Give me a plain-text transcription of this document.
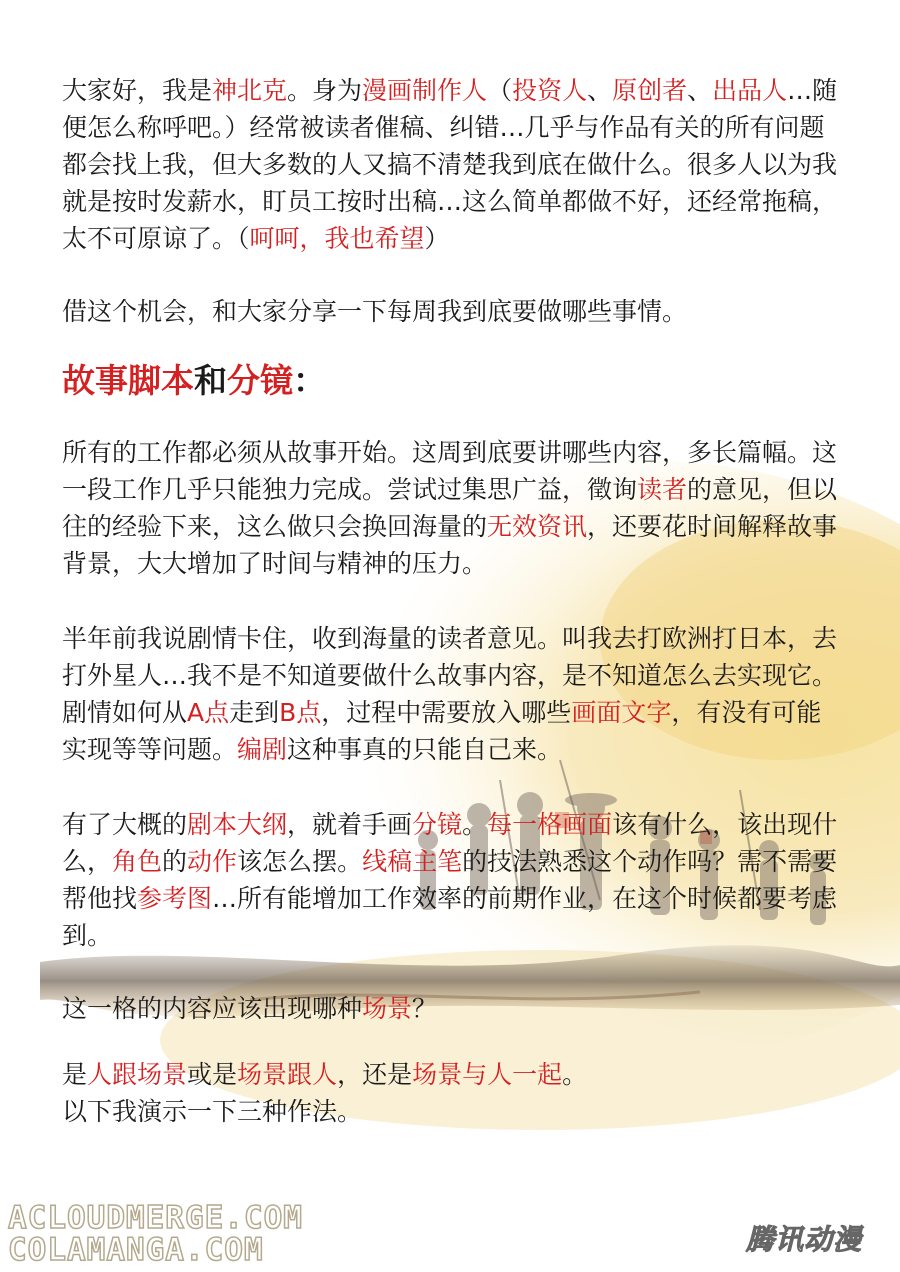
大家好，我是神北克。身为漫画制作人（投资人、原创者、出品人…随便怎么称呼吧。）经常被读者催稿、纠错…几乎与作品有关的所有问题都会找上我，但大多数的人又搞不清楚我到底在做什么。很多人以为我就是按时发薪水，盯员工按时出稿…这么简单都做不好，还经常拖稿，太不可原谅了。（呵呵，我也希望）

借这个机会，和大家分享一下每周我到底要做哪些事情。

故事脚本和分镜：

所有的工作都必须从故事开始。这周到底要讲哪些内容，多长篇幅。这一段工作几乎只能独力完成。尝试过集思广益，徵询读者的意见，但以往的经验下来，这么做只会换回海量的无效资讯，还要花时间解释故事背景，大大增加了时间与精神的压力。

半年前我说剧情卡住，收到海量的读者意见。叫我去打欧洲打日本，去打外星人…我不是不知道要做什么故事内容，是不知道怎么去实现它。剧情如何从A点走到B点，过程中需要放入哪些画面文字，有没有可能实现等等问题。编剧这种事真的只能自己来。

有了大概的剧本大纲，就着手画分镜。每一格画面该有什么，该出现什么，角色的动作该怎么摆。线稿主笔的技法熟悉这个动作吗？需不需要帮他找参考图…所有能增加工作效率的前期作业，在这个时候都要考虑到。

这一格的内容应该出现哪种场景？

是人跟场景或是场景跟人，还是场景与人一起。
以下我演示一下三种作法。

ACLOUDMERGE.COM
COLAMANGA.COM	腾讯动漫
